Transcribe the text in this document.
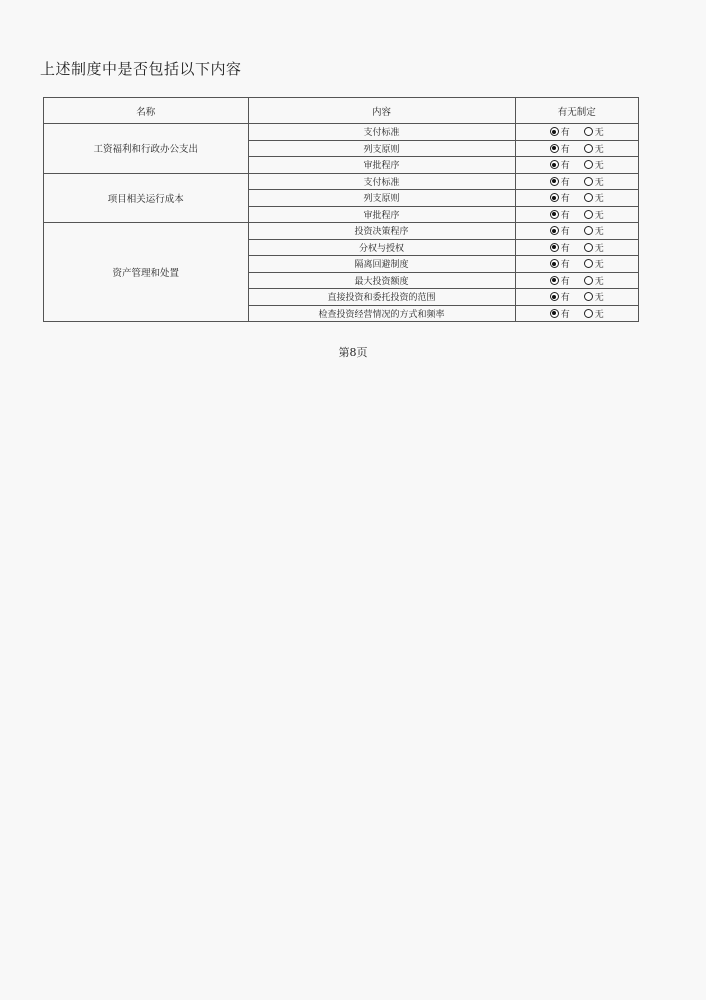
上述制度中是否包括以下内容
名称	内容	有无制定
工资福利和行政办公支出	支付标准	有 无

	列支原则	有 无

	审批程序	有 无

项目相关运行成本	支付标准	有 无

	列支原则	有 无

	审批程序	有 无

资产管理和处置	投资决策程序	有 无

	分权与授权	有 无

	隔离回避制度	有 无

	最大投资额度	有 无

	直接投资和委托投资的范围	有 无

	检查投资经营情况的方式和频率	有 无
第8页
